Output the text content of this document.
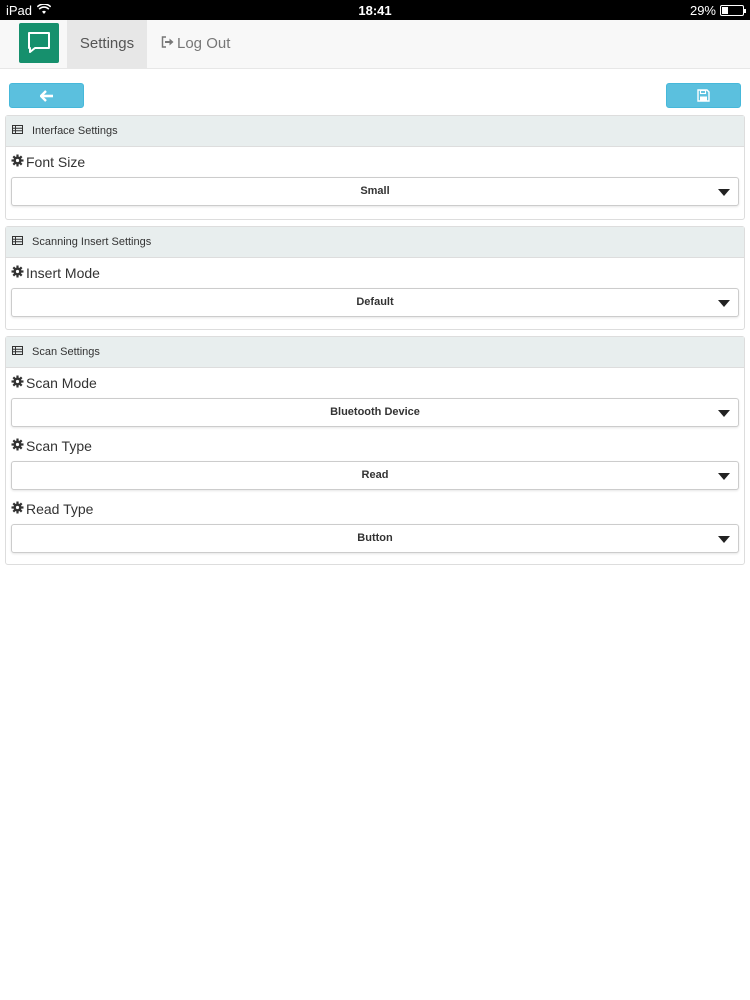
iPad	18:41	29%
Settings	Log Out
Interface Settings
Font Size
Small
Scanning Insert Settings
Insert Mode
Default
Scan Settings
Scan Mode
Bluetooth Device
Scan Type
Read
Read Type
Button
